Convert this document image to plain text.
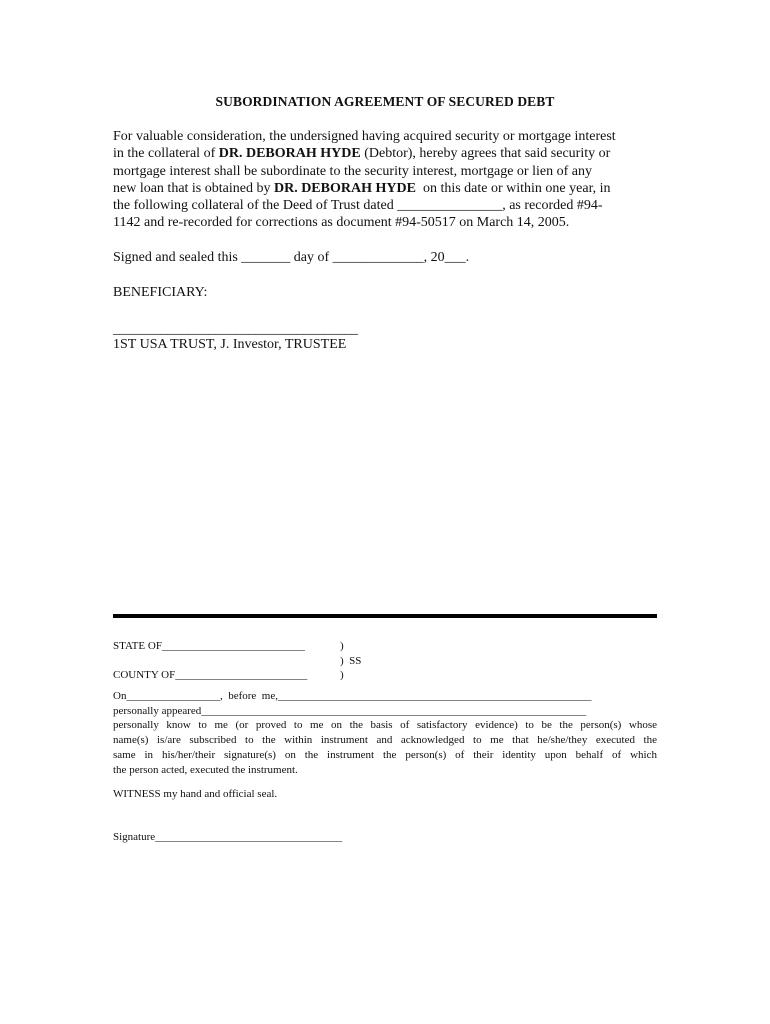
SUBORDINATION AGREEMENT OF SECURED DEBT
For valuable consideration, the undersigned having acquired security or mortgage interest
in the collateral of DR. DEBORAH HYDE (Debtor), hereby agrees that said security or
mortgage interest shall be subordinate to the security interest, mortgage or lien of any
new loan that is obtained by DR. DEBORAH HYDE  on this date or within one year, in
the following collateral of the Deed of Trust dated _______________, as recorded #94-
1142 and re-recorded for corrections as document #94-50517 on March 14, 2005.
Signed and sealed this _______ day of _____________, 20___.
BENEFICIARY:
____________________________________
1ST USA TRUST, J. Investor, TRUSTEE
STATE OF__________________________	)
)  SS
COUNTY OF________________________	)
On_________________,  before  me,_________________________________________________________
personally appeared______________________________________________________________________
personally know to me (or proved to me on the basis of satisfactory evidence) to be the person(s) whose
name(s) is/are subscribed to the within instrument and acknowledged to me that he/she/they executed the
same in his/her/their signature(s) on the instrument the person(s) of their identity upon behalf of which
the person acted, executed the instrument.
WITNESS my hand and official seal.
Signature__________________________________
